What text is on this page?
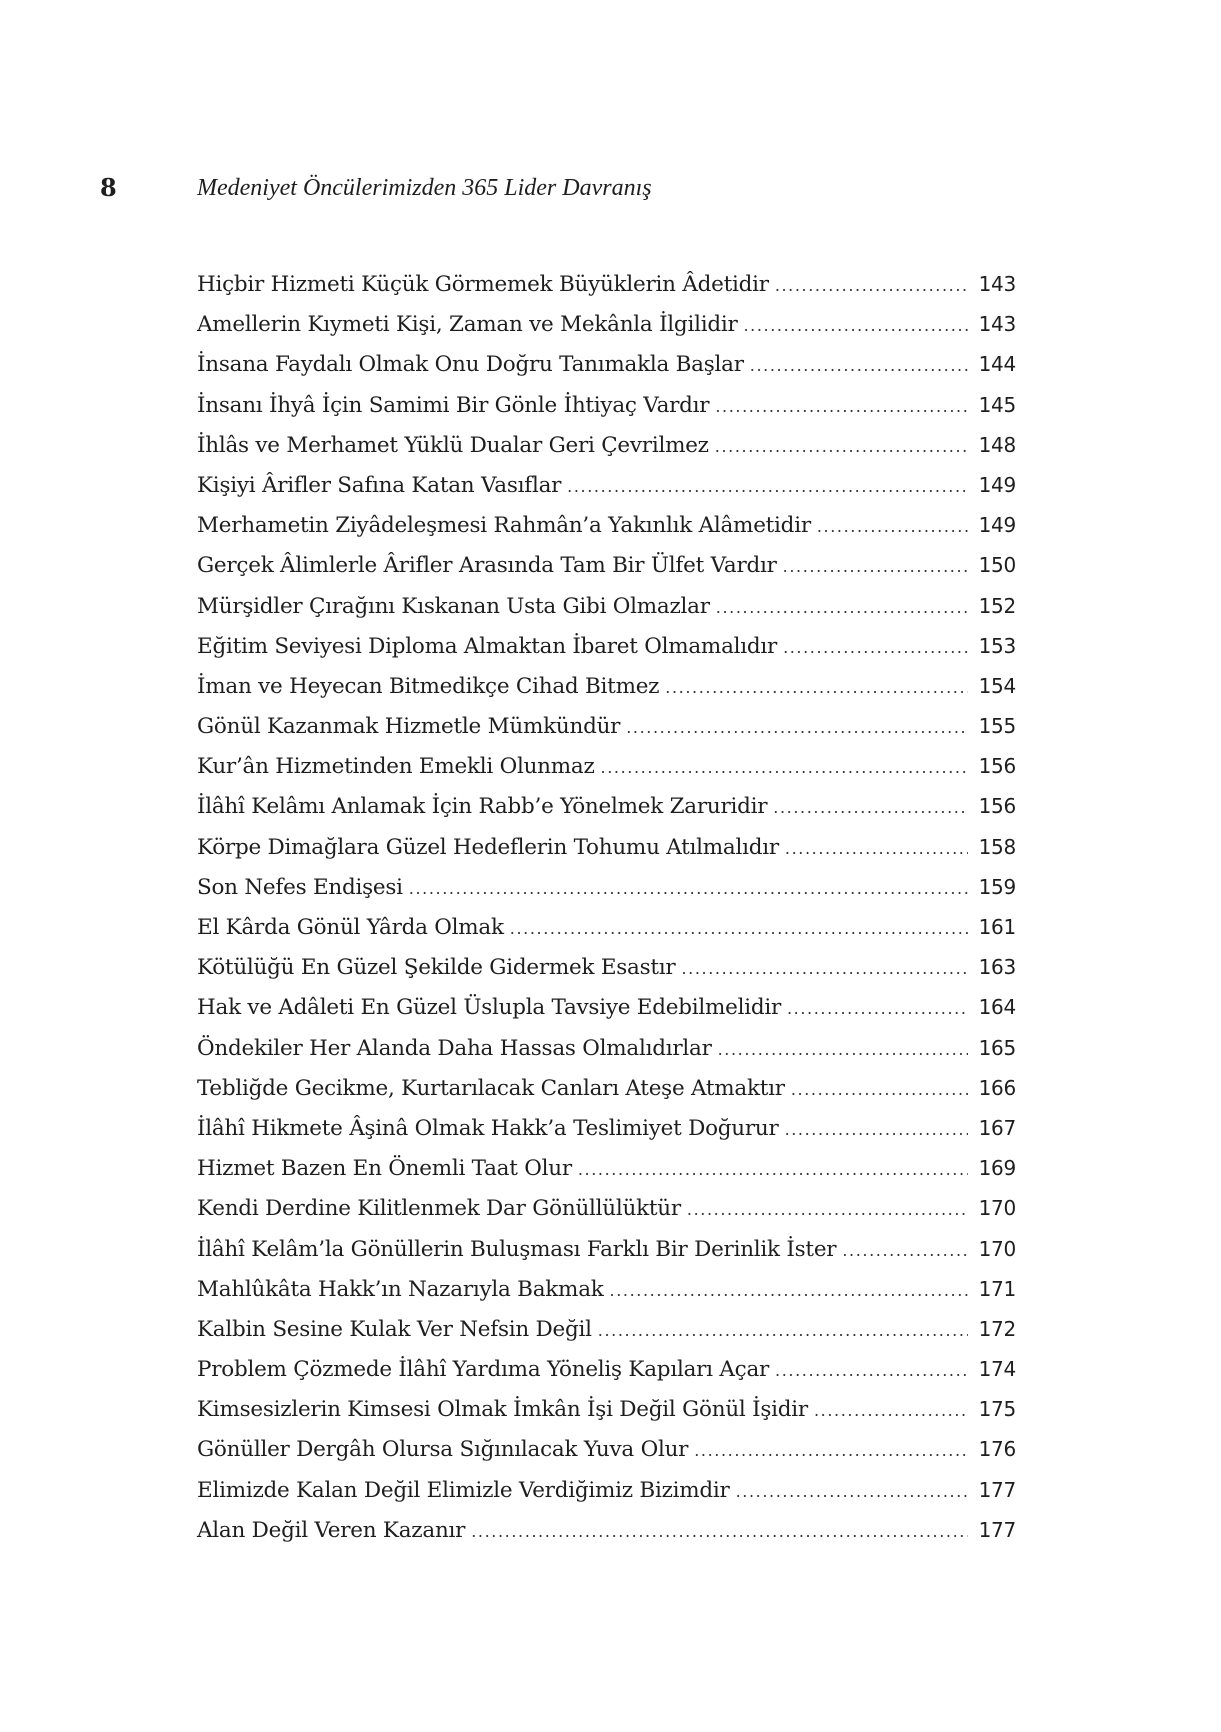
8	Medeniyet Öncülerimizden 365 Lider Davranış
Hiçbir Hizmeti Küçük Görmemek Büyüklerin Âdetidir .....	143
Amellerin Kıymeti Kişi, Zaman ve Mekânla İlgilidir .....	143
İnsana Faydalı Olmak Onu Doğru Tanımakla Başlar .....	144
İnsanı İhyâ İçin Samimi Bir Gönle İhtiyaç Vardır .....	145
İhlâs ve Merhamet Yüklü Dualar Geri Çevrilmez .....	148
Kişiyi Ârifler Safına Katan Vasıflar .....	149
Merhametin Ziyâdeleşmesi Rahmân’a Yakınlık Alâmetidir .....	149
Gerçek Âlimlerle Ârifler Arasında Tam Bir Ülfet Vardır .....	150
Mürşidler Çırağını Kıskanan Usta Gibi Olmazlar .....	152
Eğitim Seviyesi Diploma Almaktan İbaret Olmamalıdır .....	153
İman ve Heyecan Bitmedikçe Cihad Bitmez .....	154
Gönül Kazanmak Hizmetle Mümkündür .....	155
Kur’ân Hizmetinden Emekli Olunmaz .....	156
İlâhî Kelâmı Anlamak İçin Rabb’e Yönelmek Zaruridir .....	156
Körpe Dimağlara Güzel Hedeflerin Tohumu Atılmalıdır .....	158
Son Nefes Endişesi .....	159
El Kârda Gönül Yârda Olmak .....	161
Kötülüğü En Güzel Şekilde Gidermek Esastır .....	163
Hak ve Adâleti En Güzel Üslupla Tavsiye Edebilmelidir .....	164
Öndekiler Her Alanda Daha Hassas Olmalıdırlar .....	165
Tebliğde Gecikme, Kurtarılacak Canları Ateşe Atmaktır .....	166
İlâhî Hikmete Âşinâ Olmak Hakk’a Teslimiyet Doğurur .....	167
Hizmet Bazen En Önemli Taat Olur .....	169
Kendi Derdine Kilitlenmek Dar Gönüllülüktür .....	170
İlâhî Kelâm’la Gönüllerin Buluşması Farklı Bir Derinlik İster .....	170
Mahlûkâta Hakk’ın Nazarıyla Bakmak .....	171
Kalbin Sesine Kulak Ver Nefsin Değil .....	172
Problem Çözmede İlâhî Yardıma Yöneliş Kapıları Açar .....	174
Kimsesizlerin Kimsesi Olmak İmkân İşi Değil Gönül İşidir .....	175
Gönüller Dergâh Olursa Sığınılacak Yuva Olur .....	176
Elimizde Kalan Değil Elimizle Verdiğimiz Bizimdir .....	177
Alan Değil Veren Kazanır .....	177
